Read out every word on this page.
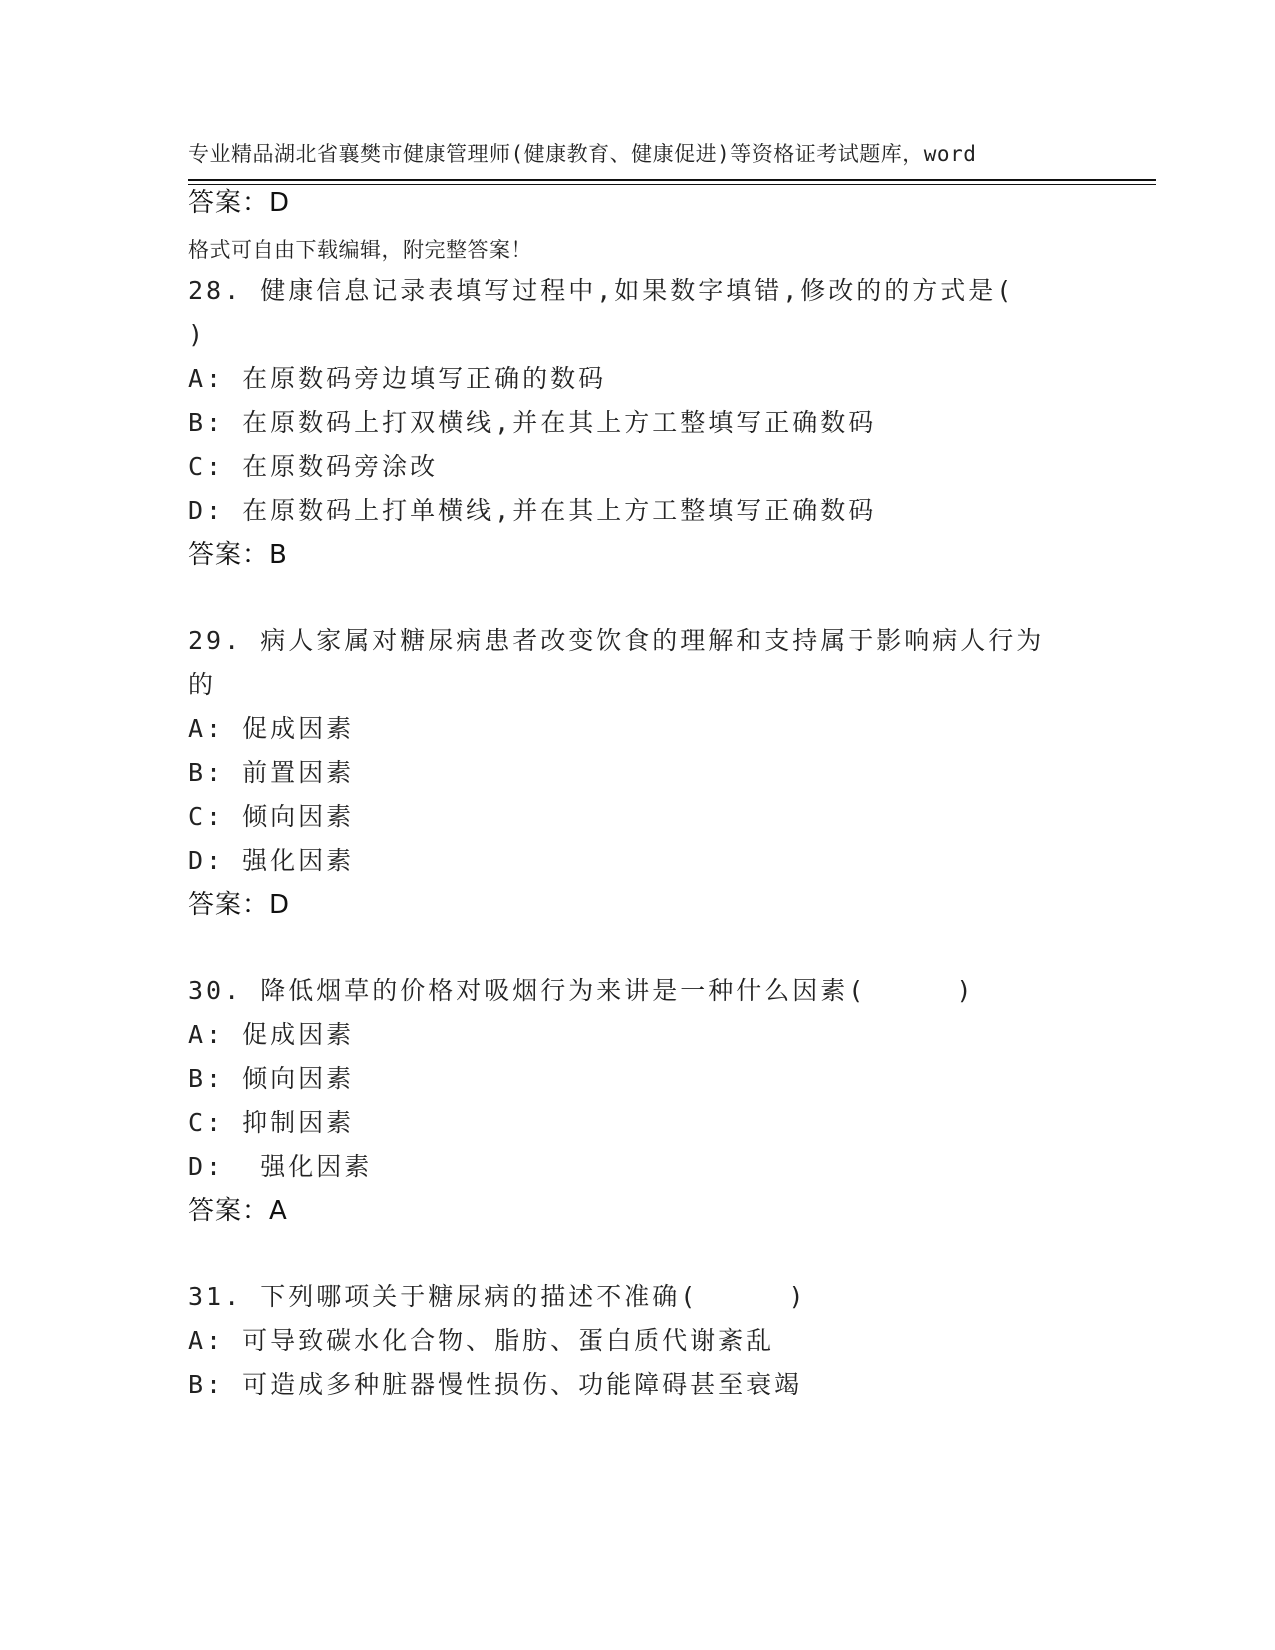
专业精品湖北省襄樊市健康管理师(健康教育、健康促进)等资格证考试题库，word

格式可自由下载编辑，附完整答案！

答案：D
28. 健康信息记录表填写过程中,如果数字填错,修改的的方式是(
)
A: 在原数码旁边填写正确的数码
B: 在原数码上打双横线,并在其上方工整填写正确数码
C: 在原数码旁涂改
D: 在原数码上打单横线,并在其上方工整填写正确数码
答案：B
29. 病人家属对糖尿病患者改变饮食的理解和支持属于影响病人行为
的
A: 促成因素
B: 前置因素
C: 倾向因素
D: 强化因素
答案：D
30. 降低烟草的价格对吸烟行为来讲是一种什么因素(     )
A: 促成因素
B: 倾向因素
C: 抑制因素
D:  强化因素
答案：A
31. 下列哪项关于糖尿病的描述不准确(     )
A: 可导致碳水化合物、脂肪、蛋白质代谢紊乱
B: 可造成多种脏器慢性损伤、功能障碍甚至衰竭
